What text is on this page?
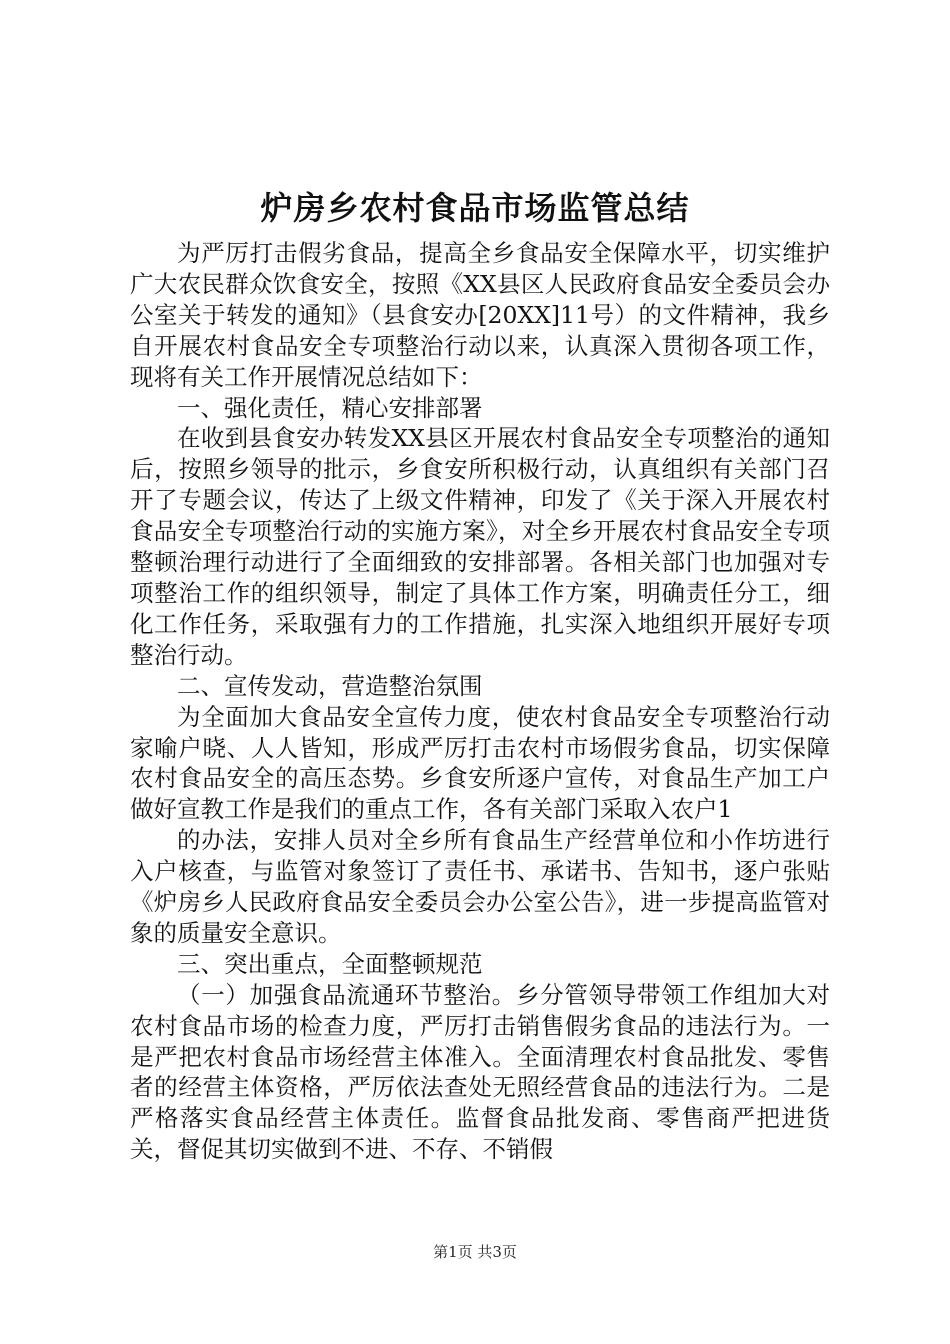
炉房乡农村食品市场监管总结

为严厉打击假劣食品，提高全乡食品安全保障水平，切实维护广大农民群众饮食安全，按照《XX县区人民政府食品安全委员会办公室关于转发的通知》（县食安办[20XX]11号）的文件精神，我乡自开展农村食品安全专项整治行动以来，认真深入贯彻各项工作，现将有关工作开展情况总结如下：

一、强化责任，精心安排部署

在收到县食安办转发XX县区开展农村食品安全专项整治的通知后，按照乡领导的批示，乡食安所积极行动，认真组织有关部门召开了专题会议，传达了上级文件精神，印发了《关于深入开展农村食品安全专项整治行动的实施方案》，对全乡开展农村食品安全专项整顿治理行动进行了全面细致的安排部署。各相关部门也加强对专项整治工作的组织领导，制定了具体工作方案，明确责任分工，细化工作任务，采取强有力的工作措施，扎实深入地组织开展好专项整治行动。

二、宣传发动，营造整治氛围

为全面加大食品安全宣传力度，使农村食品安全专项整治行动家喻户晓、人人皆知，形成严厉打击农村市场假劣食品，切实保障农村食品安全的高压态势。乡食安所逐户宣传，对食品生产加工户做好宣教工作是我们的重点工作，各有关部门采取入农户1

的办法，安排人员对全乡所有食品生产经营单位和小作坊进行入户核查，与监管对象签订了责任书、承诺书、告知书，逐户张贴《炉房乡人民政府食品安全委员会办公室公告》，进一步提高监管对象的质量安全意识。

三、突出重点，全面整顿规范

（一）加强食品流通环节整治。乡分管领导带领工作组加大对农村食品市场的检查力度，严厉打击销售假劣食品的违法行为。一是严把农村食品市场经营主体准入。全面清理农村食品批发、零售者的经营主体资格，严厉依法查处无照经营食品的违法行为。二是严格落实食品经营主体责任。监督食品批发商、零售商严把进货关，督促其切实做到不进、不存、不销假

第1页 共3页
